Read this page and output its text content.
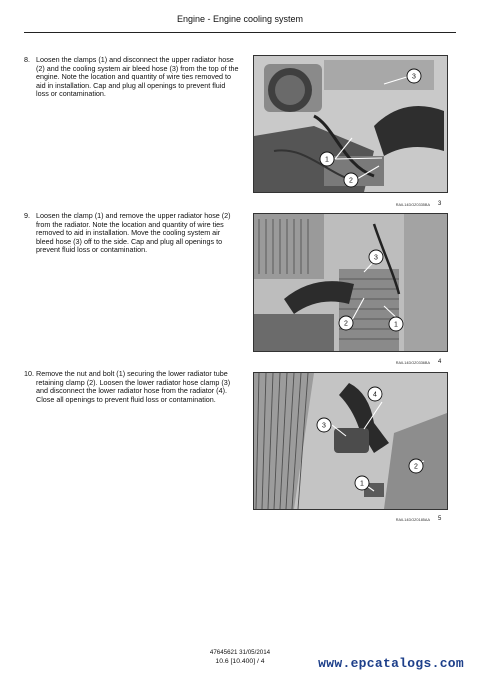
Engine - Engine cooling system
8. Loosen the clamps (1) and disconnect the upper radiator hose (2) and the cooling system air bleed hose (3) from the top of the engine. Note the location and quantity of wire ties removed to aid in installation. Cap and plug all openings to prevent fluid loss or contamination.
1
2
3
RAIL14DOZ0335BA 3
9. Loosen the clamp (1) and remove the upper radiator hose (2) from the radiator. Note the location and quantity of wire ties removed to aid in installation. Move the cooling system air bleed hose (3) off to the side. Cap and plug all openings to prevent fluid loss or contamination.
1
2
3
RAIL14DOZ0336BA 4
10. Remove the nut and bolt (1) securing the lower radiator tube retaining clamp (2). Loosen the lower radiator hose clamp (3) and disconnect the lower radiator hose from the radiator (4). Close all openings to prevent fluid loss or contamination.
1
2
3
4
RAIL14DOZ0185AA 5
47645621 31/05/2014
10.6 [10.400] / 4	www.epcatalogs.com
